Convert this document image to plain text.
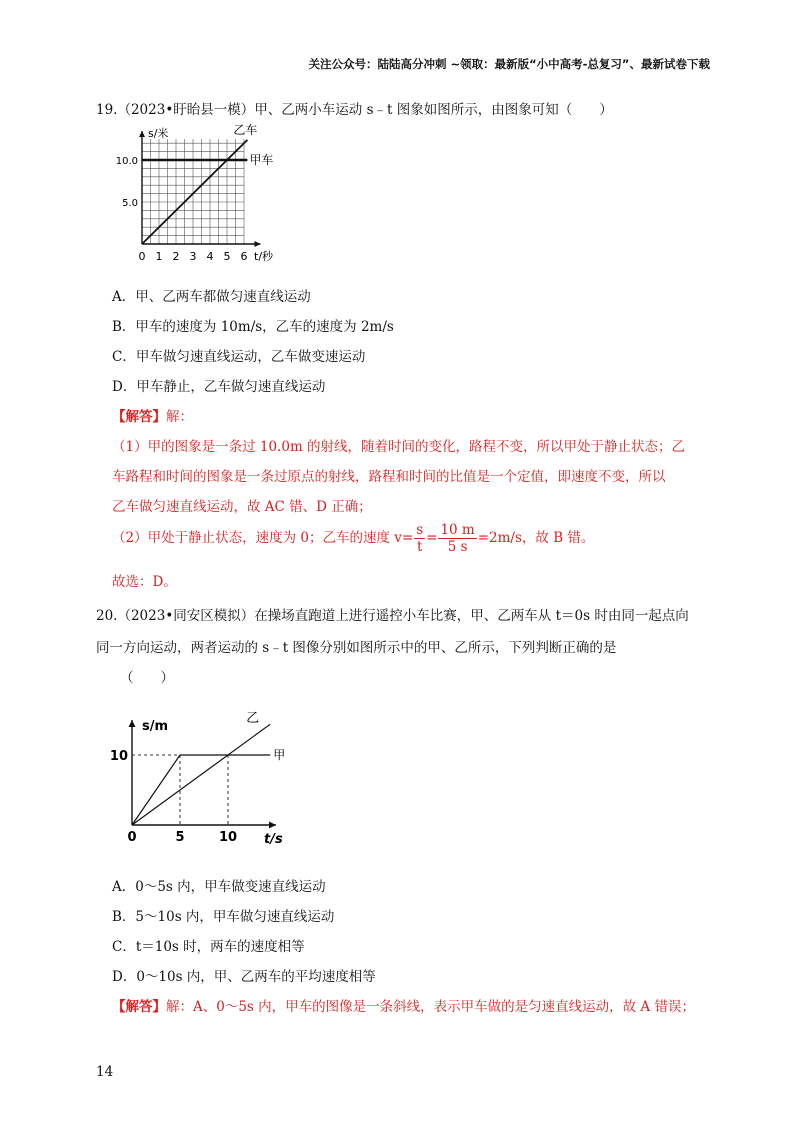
关注公众号：陆陆高分冲刺 ~领取：最新版“小中高考-总复习”、最新试卷下载
19.（2023•盱眙县一模）甲、乙两小车运动 s﹣t 图象如图所示，由图象可知（　　）
0 1 2 3 4 5 6
5.0
10.0
s/米
t/秒
甲车
乙车
A．甲、乙两车都做匀速直线运动
B．甲车的速度为 10m/s，乙车的速度为 2m/s
C．甲车做匀速直线运动，乙车做变速运动
D．甲车静止，乙车做匀速直线运动
【解答】解：
（1）甲的图象是一条过 10.0m 的射线，随着时间的变化，路程不变，所以甲处于静止状态；乙
车路程和时间的图象是一条过原点的射线，路程和时间的比值是一个定值，即速度不变，所以
乙车做匀速直线运动，故 AC 错、D 正确；
（2）甲处于静止状态，速度为 0；乙车的速度 $v= \frac{s}{t} = \frac{10 m}{5 s} =2m/s$，故 B 错。
故选：D。
20.（2023•同安区模拟）在操场直跑道上进行遥控小车比赛，甲、乙两车从 t＝0s 时由同一起点向
同一方向运动，两者运动的 s﹣t 图像分别如图所示中的甲、乙所示，下列判断正确的是
（　　）
0	5	10
10
s/m
t/s
甲
乙
A．0～5s 内，甲车做变速直线运动
B．5～10s 内，甲车做匀速直线运动
C．t＝10s 时，两车的速度相等
D．0～10s 内，甲、乙两车的平均速度相等
【解答】解：A、0～5s 内，甲车的图像是一条斜线，表示甲车做的是匀速直线运动，故 A 错误；
14
